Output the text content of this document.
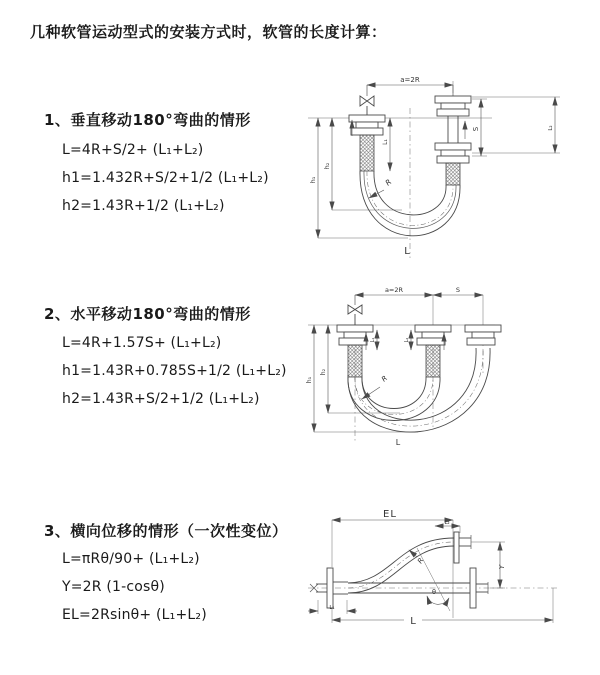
几种软管运动型式的安装方式时，软管的长度计算：
1、垂直移动180°弯曲的情形
L=4R+S/2+ (L₁+L₂)
h1=1.432R+S/2+1/2 (L₁+L₂)
h2=1.43R+1/2 (L₁+L₂)
a=2R
L₁
S	L₂
h₁
h₂
R
L
2、水平移动180°弯曲的情形
L=4R+1.57S+ (L₁+L₂)
h1=1.43R+0.785S+1/2 (L₁+L₂)
h2=1.43R+S/2+1/2 (L₁+L₂)
a=2R	S
L₁	L₂
h₁
h₂
R
L
3、横向位移的情形（一次性变位）
L=πRθ/90+ (L₁+L₂)
Y=2R (1-cosθ)
EL=2Rsinθ+ (L₁+L₂)
EL
L₂
Y
θ
R
L₁
L
